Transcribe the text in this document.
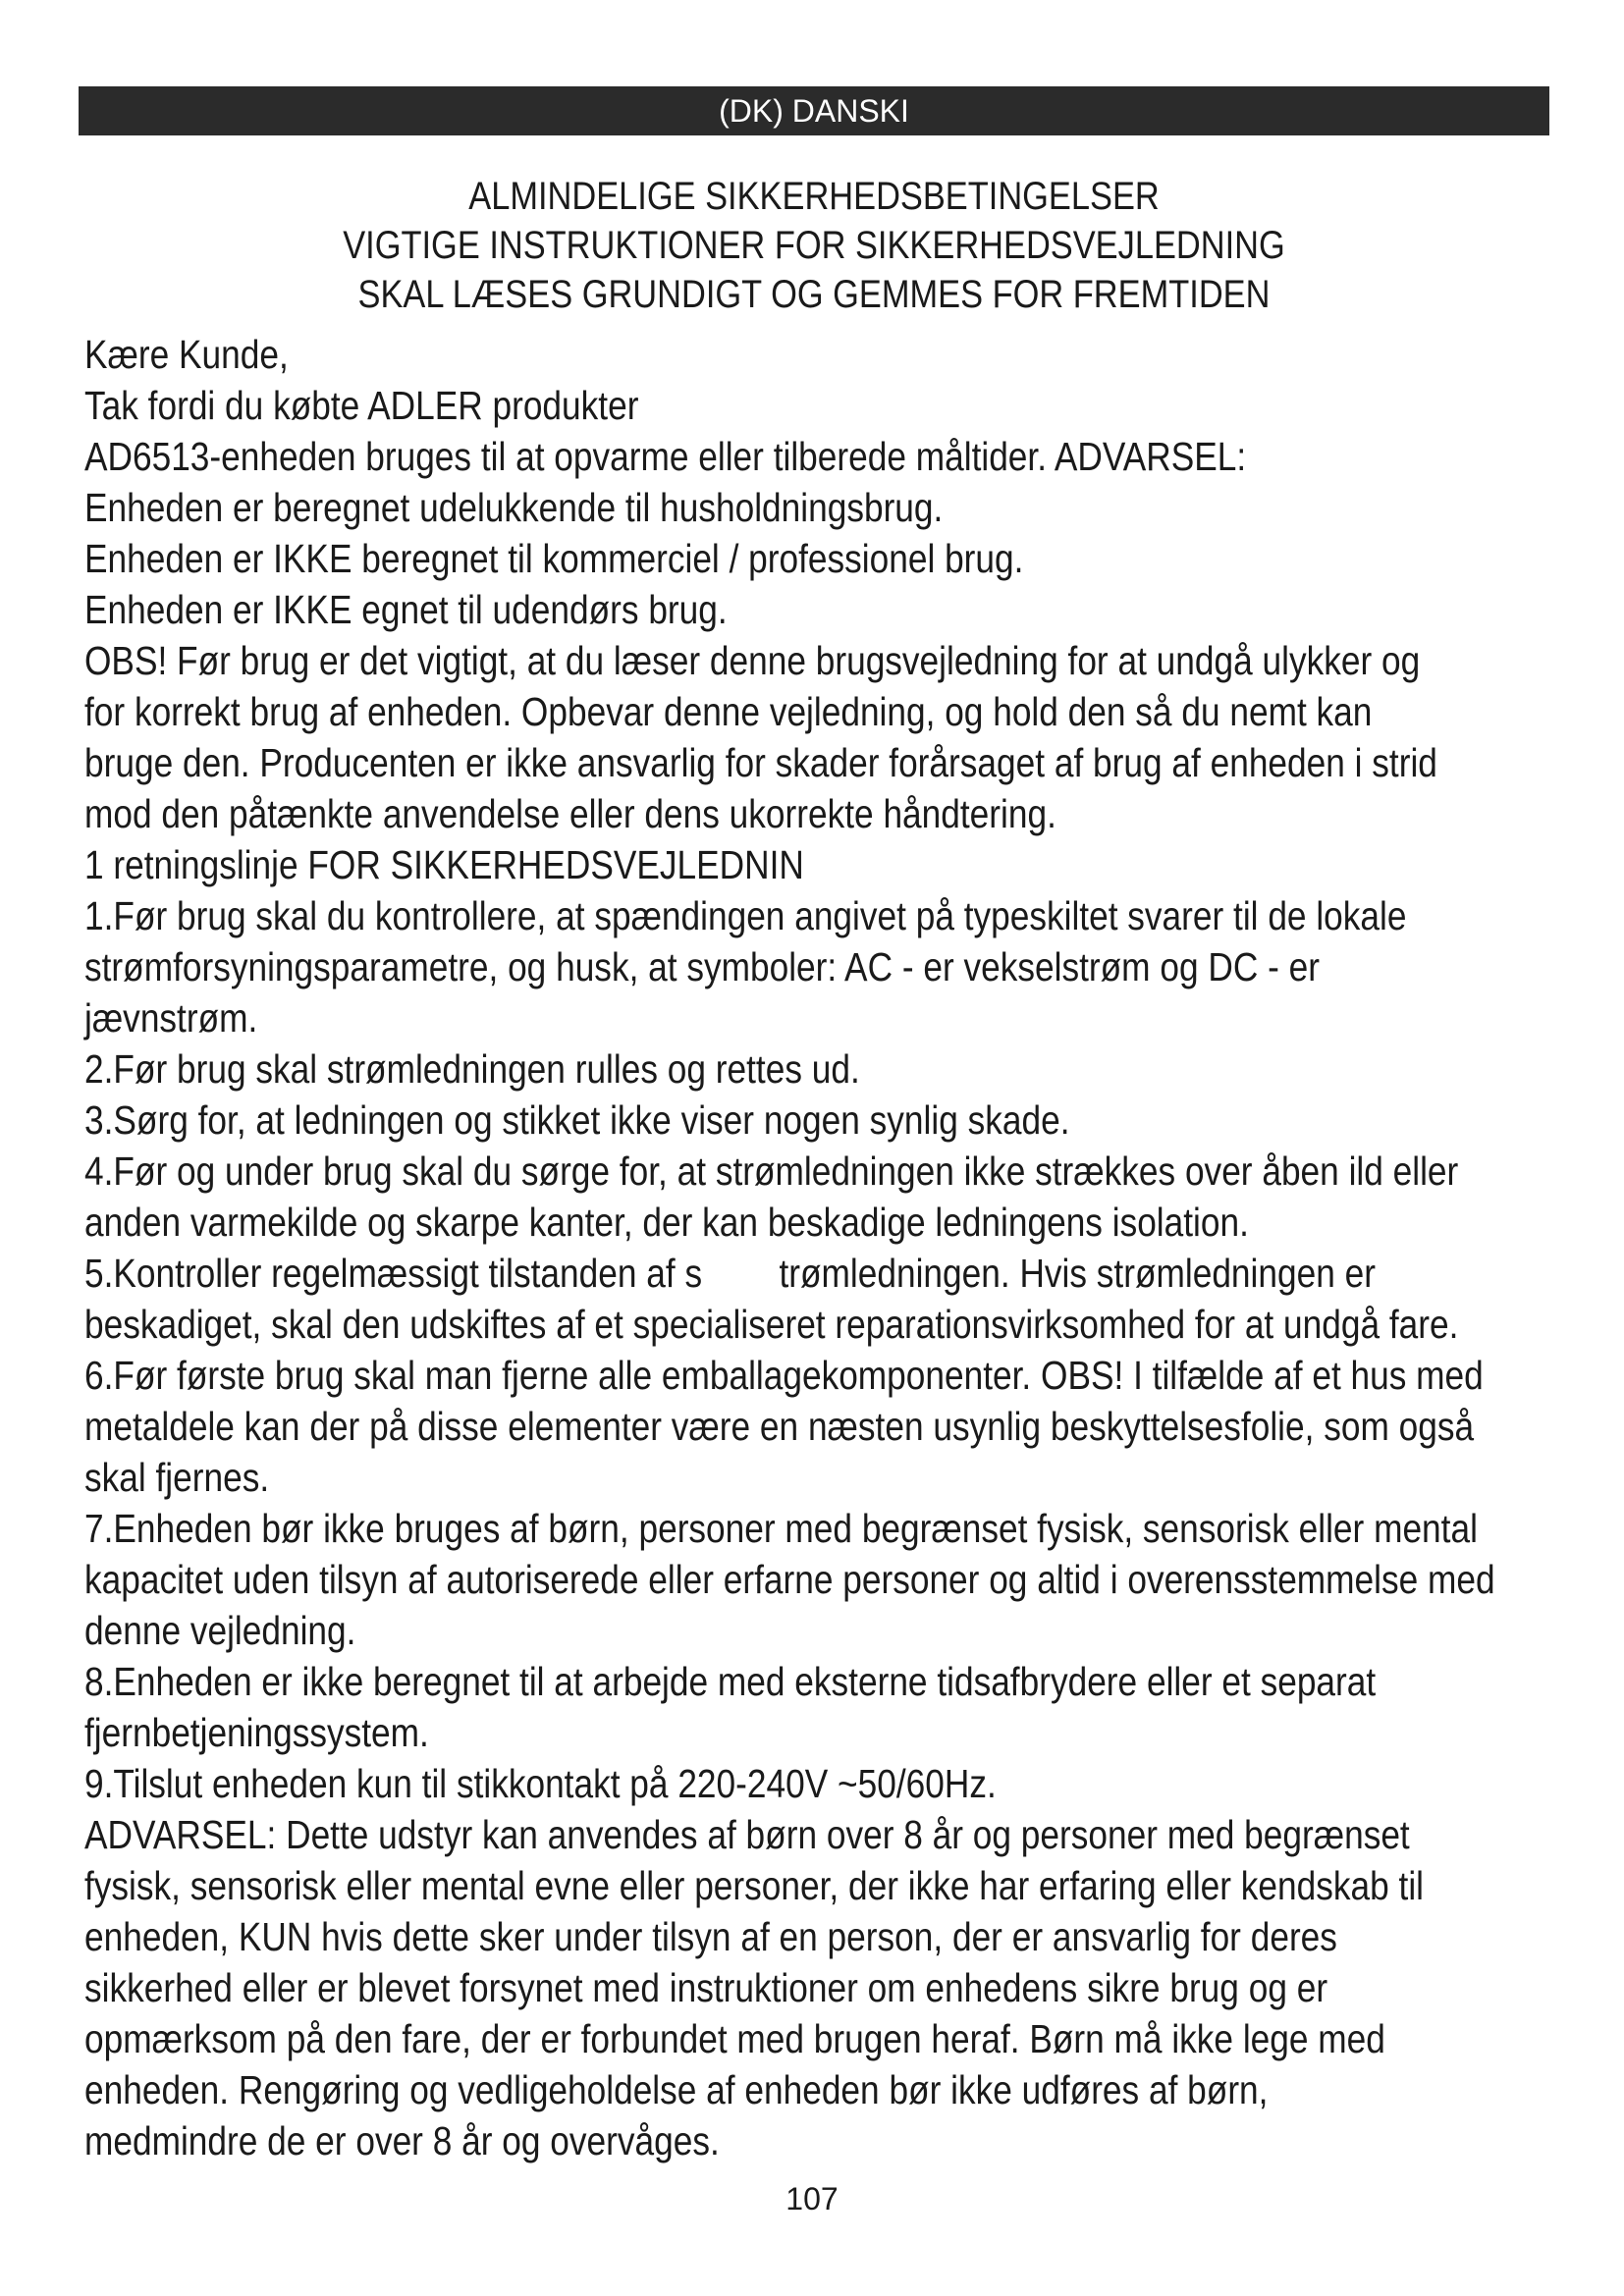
(DK) DANSKI
ALMINDELIGE SIKKERHEDSBETINGELSER
VIGTIGE INSTRUKTIONER FOR SIKKERHEDSVEJLEDNING
SKAL LÆSES GRUNDIGT OG GEMMES FOR FREMTIDEN

Kære Kunde,

Tak fordi du købte ADLER produkter

AD6513-enheden bruges til at opvarme eller tilberede måltider. ADVARSEL:

Enheden er beregnet udelukkende til husholdningsbrug.

Enheden er IKKE beregnet til kommerciel / professionel brug.

Enheden er IKKE egnet til udendørs brug.

OBS! Før brug er det vigtigt, at du læser denne brugsvejledning for at undgå ulykker og

for korrekt brug af enheden. Opbevar denne vejledning, og hold den så du nemt kan

bruge den. Producenten er ikke ansvarlig for skader forårsaget af brug af enheden i strid

mod den påtænkte anvendelse eller dens ukorrekte håndtering.

1 retningslinje FOR SIKKERHEDSVEJLEDNIN

1.Før brug skal du kontrollere, at spændingen angivet på typeskiltet svarer til de lokale

strømforsyningsparametre, og husk, at symboler: AC - er vekselstrøm og DC - er

jævnstrøm.

2.Før brug skal strømledningen rulles og rettes ud.

3.Sørg for, at ledningen og stikket ikke viser nogen synlig skade.

4.Før og under brug skal du sørge for, at strømledningen ikke strækkes over åben ild eller

anden varmekilde og skarpe kanter, der kan beskadige ledningens isolation.

5.Kontroller regelmæssigt tilstanden af s        trømledningen. Hvis strømledningen er

beskadiget, skal den udskiftes af et specialiseret reparationsvirksomhed for at undgå fare.

6.Før første brug skal man fjerne alle emballagekomponenter. OBS! I tilfælde af et hus med

metaldele kan der på disse elementer være en næsten usynlig beskyttelsesfolie, som også

skal fjernes.

7.Enheden bør ikke bruges af børn, personer med begrænset fysisk, sensorisk eller mental

kapacitet uden tilsyn af autoriserede eller erfarne personer og altid i overensstemmelse med

denne vejledning.

8.Enheden er ikke beregnet til at arbejde med eksterne tidsafbrydere eller et separat

fjernbetjeningssystem.

9.Tilslut enheden kun til stikkontakt på 220-240V ~50/60Hz.

ADVARSEL: Dette udstyr kan anvendes af børn over 8 år og personer med begrænset

fysisk, sensorisk eller mental evne eller personer, der ikke har erfaring eller kendskab til

enheden, KUN hvis dette sker under tilsyn af en person, der er ansvarlig for deres

sikkerhed eller er blevet forsynet med instruktioner om enhedens sikre brug og er

opmærksom på den fare, der er forbundet med brugen heraf. Børn må ikke lege med

enheden. Rengøring og vedligeholdelse af enheden bør ikke udføres af børn,

medmindre de er over 8 år og overvåges.

107
